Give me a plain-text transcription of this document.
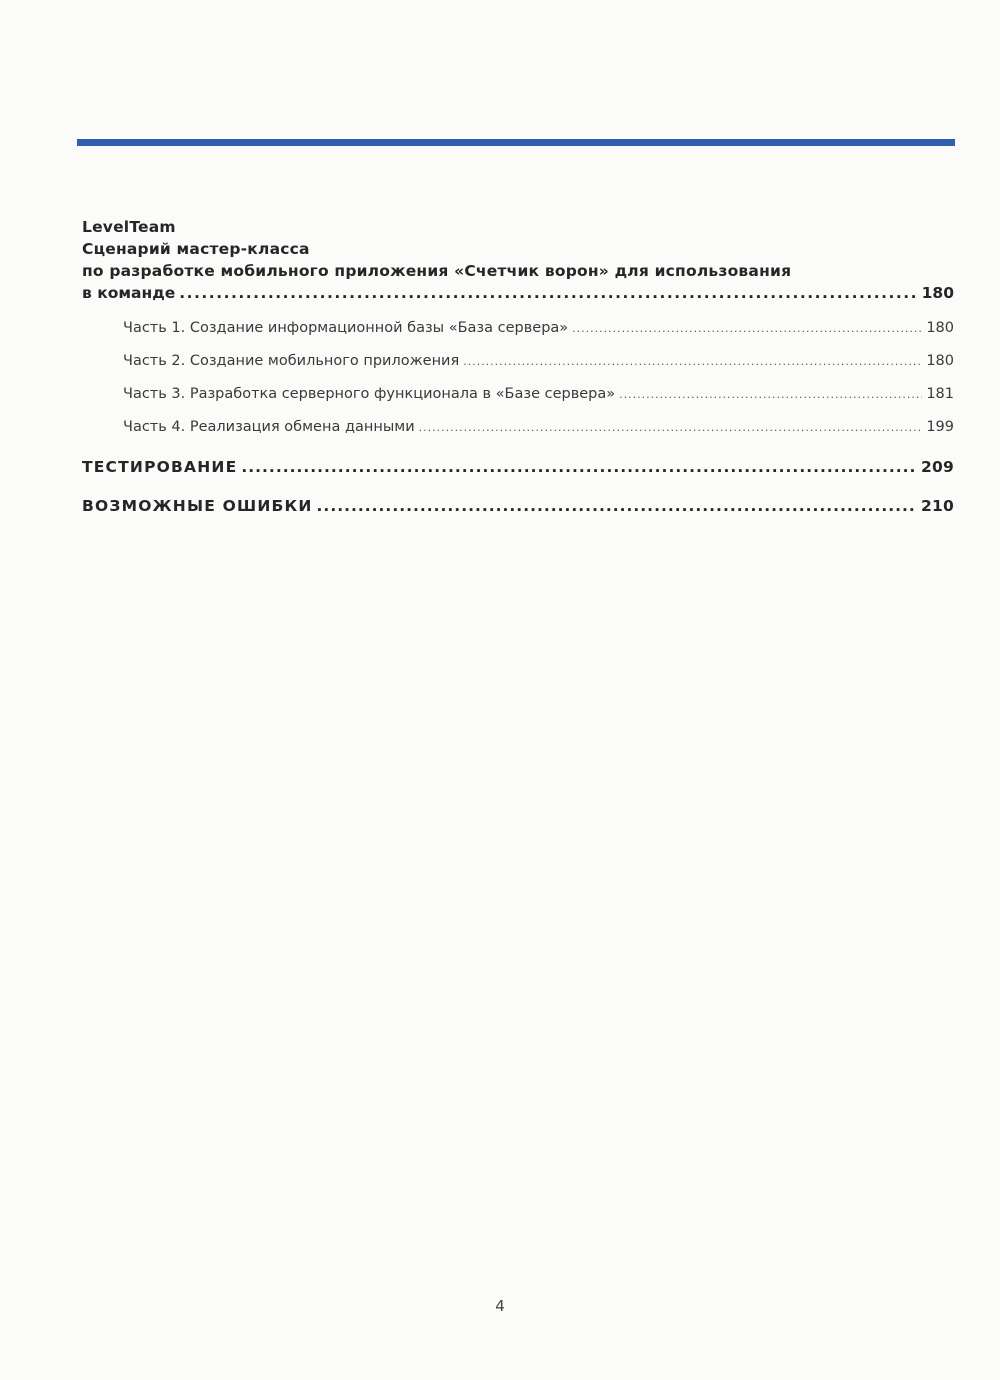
LevelTeam
Сценарий мастер-класса
по разработке мобильного приложения «Счетчик ворон» для использования
в команде .....	180
Часть 1. Создание информационной базы «База сервера» .....	180
Часть 2. Создание мобильного приложения .....	180
Часть 3. Разработка серверного функционала в «Базе сервера» .....	181
Часть 4. Реализация обмена данными .....	199
ТЕСТИРОВАНИЕ .....	209
ВОЗМОЖНЫЕ ОШИБКИ .....	210
4
